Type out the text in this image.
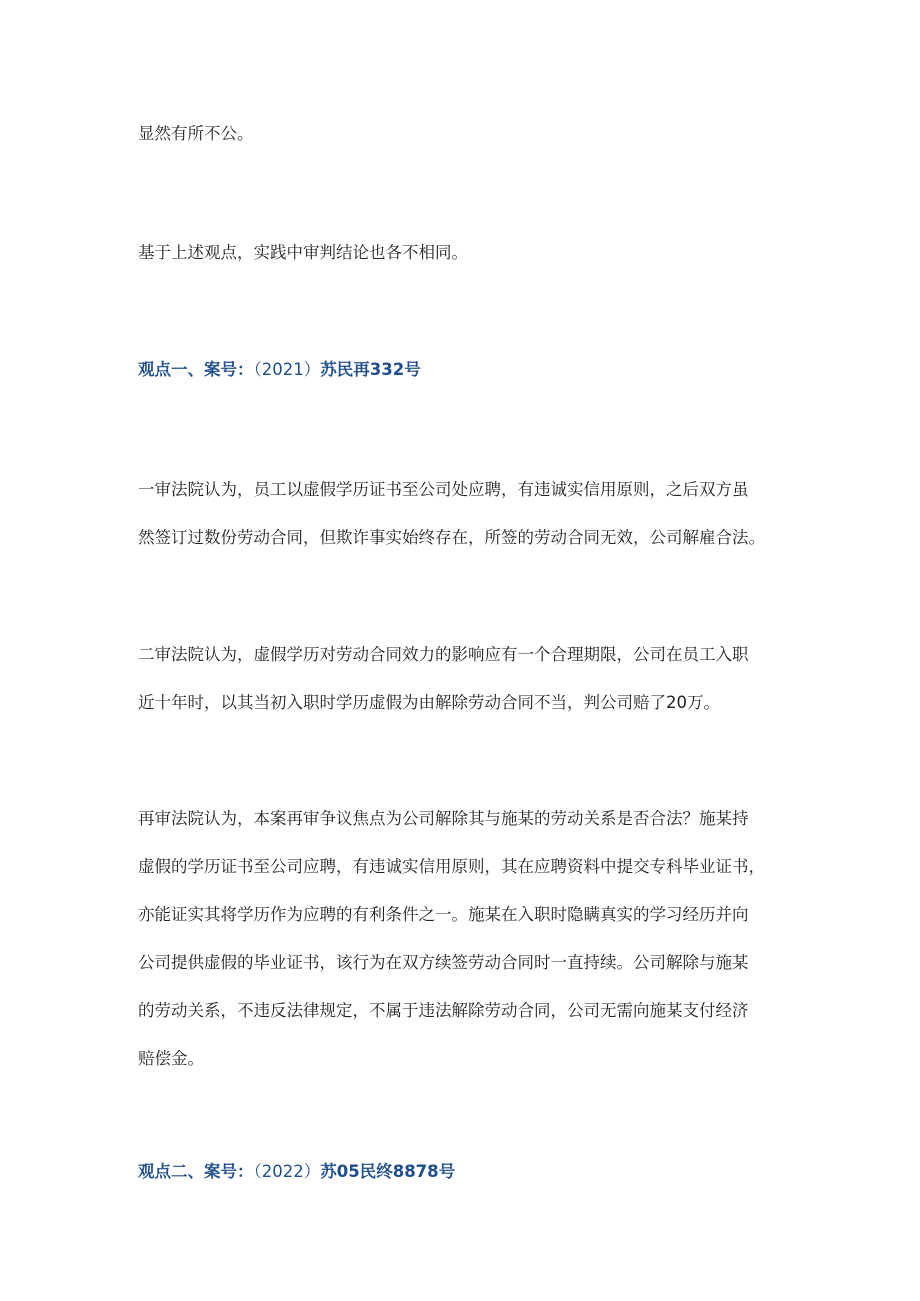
显然有所不公。

基于上述观点，实践中审判结论也各不相同。

观点一、案号：（2021）苏民再332号

一审法院认为，员工以虚假学历证书至公司处应聘，有违诚实信用原则，之后双方虽
然签订过数份劳动合同，但欺诈事实始终存在，所签的劳动合同无效，公司解雇合法。

二审法院认为，虚假学历对劳动合同效力的影响应有一个合理期限，公司在员工入职
近十年时，以其当初入职时学历虚假为由解除劳动合同不当，判公司赔了20万。

再审法院认为，本案再审争议焦点为公司解除其与施某的劳动关系是否合法？施某持
虚假的学历证书至公司应聘，有违诚实信用原则，其在应聘资料中提交专科毕业证书，
亦能证实其将学历作为应聘的有利条件之一。施某在入职时隐瞒真实的学习经历并向
公司提供虚假的毕业证书，该行为在双方续签劳动合同时一直持续。公司解除与施某
的劳动关系，不违反法律规定，不属于违法解除劳动合同，公司无需向施某支付经济
赔偿金。

观点二、案号：（2022）苏05民终8878号
